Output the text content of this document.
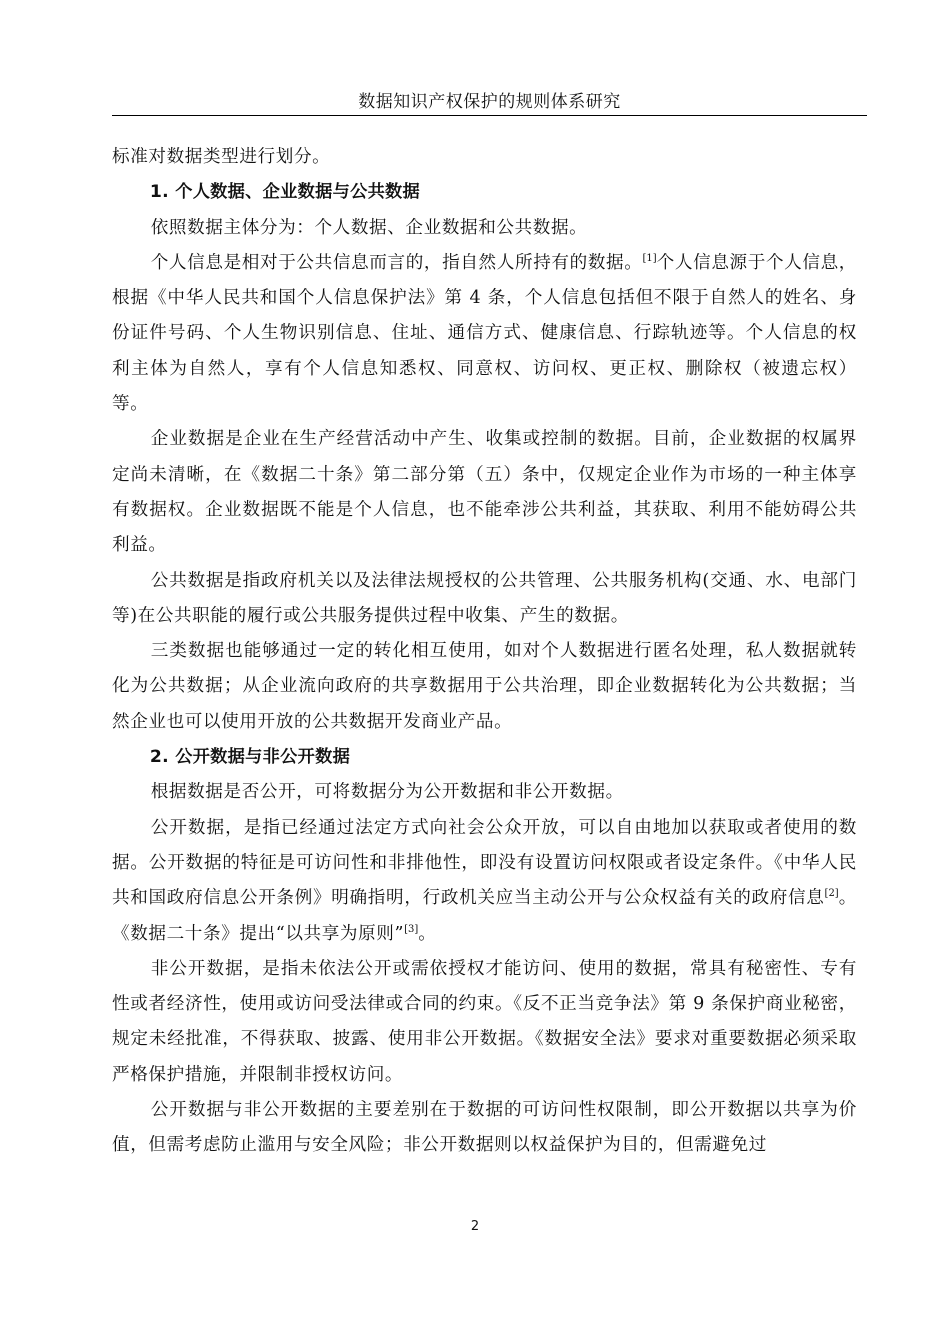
数据知识产权保护的规则体系研究

标准对数据类型进行划分。

1. 个人数据、企业数据与公共数据

依照数据主体分为：个人数据、企业数据和公共数据。

个人信息是相对于公共信息而言的，指自然人所持有的数据。[1]个人信息源于个人信息，根据《中华人民共和国个人信息保护法》第 4 条，个人信息包括但不限于自然人的姓名、身份证件号码、个人生物识别信息、住址、通信方式、健康信息、行踪轨迹等。个人信息的权利主体为自然人，享有个人信息知悉权、同意权、访问权、更正权、删除权（被遗忘权）等。

企业数据是企业在生产经营活动中产生、收集或控制的数据。目前，企业数据的权属界定尚未清晰，在《数据二十条》第二部分第（五）条中，仅规定企业作为市场的一种主体享有数据权。企业数据既不能是个人信息，也不能牵涉公共利益，其获取、利用不能妨碍公共利益。

公共数据是指政府机关以及法律法规授权的公共管理、公共服务机构(交通、水、电部门等)在公共职能的履行或公共服务提供过程中收集、产生的数据。

三类数据也能够通过一定的转化相互使用，如对个人数据进行匿名处理，私人数据就转化为公共数据；从企业流向政府的共享数据用于公共治理，即企业数据转化为公共数据；当然企业也可以使用开放的公共数据开发商业产品。

2. 公开数据与非公开数据

根据数据是否公开，可将数据分为公开数据和非公开数据。

公开数据，是指已经通过法定方式向社会公众开放，可以自由地加以获取或者使用的数据。公开数据的特征是可访问性和非排他性，即没有设置访问权限或者设定条件。《中华人民共和国政府信息公开条例》明确指明，行政机关应当主动公开与公众权益有关的政府信息[2]。《数据二十条》提出“以共享为原则”[3]。

非公开数据，是指未依法公开或需依授权才能访问、使用的数据，常具有秘密性、专有性或者经济性，使用或访问受法律或合同的约束。《反不正当竞争法》第 9 条保护商业秘密，规定未经批准，不得获取、披露、使用非公开数据。《数据安全法》要求对重要数据必须采取严格保护措施，并限制非授权访问。

公开数据与非公开数据的主要差别在于数据的可访问性权限制，即公开数据以共享为价值，但需考虑防止滥用与安全风险；非公开数据则以权益保护为目的，但需避免过

2
